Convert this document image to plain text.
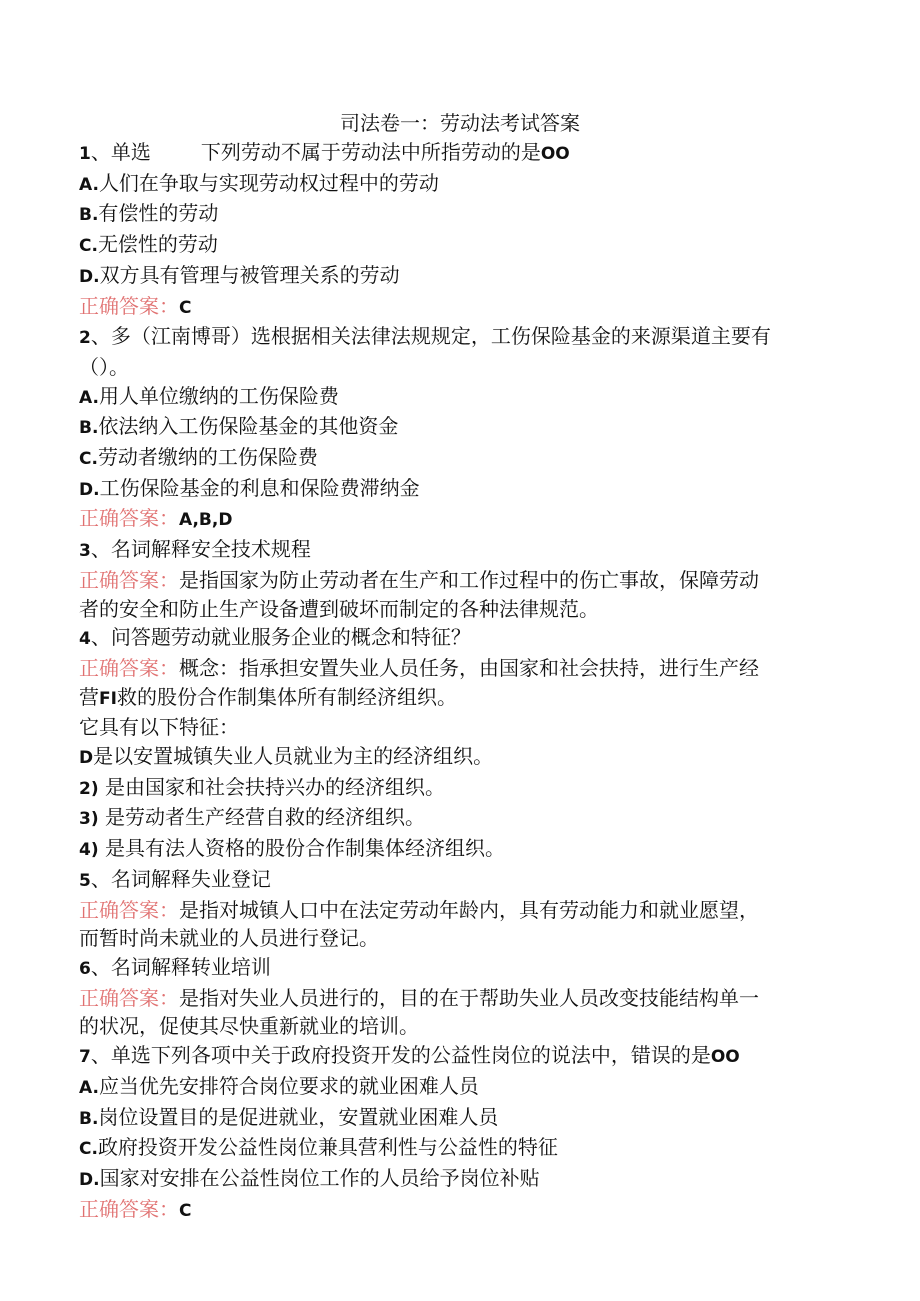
司法卷一：劳动法考试答案
1、单选	下列劳动不属于劳动法中所指劳动的是OO
A.人们在争取与实现劳动权过程中的劳动
B.有偿性的劳动
C.无偿性的劳动
D.双方具有管理与被管理关系的劳动
正确答案：C
2、多（江南博哥）选根据相关法律法规规定，工伤保险基金的来源渠道主要有
（）。
A.用人单位缴纳的工伤保险费
B.依法纳入工伤保险基金的其他资金
C.劳动者缴纳的工伤保险费
D.工伤保险基金的利息和保险费滞纳金
正确答案：A,B,D
3、名词解释安全技术规程
正确答案：是指国家为防止劳动者在生产和工作过程中的伤亡事故，保障劳动
者的安全和防止生产设备遭到破坏而制定的各种法律规范。
4、问答题劳动就业服务企业的概念和特征？
正确答案：概念：指承担安置失业人员任务，由国家和社会扶持，进行生产经
营FI救的股份合作制集体所有制经济组织。
它具有以下特征：
D是以安置城镇失业人员就业为主的经济组织。
2) 是由国家和社会扶持兴办的经济组织。
3) 是劳动者生产经营自救的经济组织。
4) 是具有法人资格的股份合作制集体经济组织。
5、名词解释失业登记
正确答案：是指对城镇人口中在法定劳动年龄内，具有劳动能力和就业愿望，
而暂时尚未就业的人员进行登记。
6、名词解释转业培训
正确答案：是指对失业人员进行的，目的在于帮助失业人员改变技能结构单一
的状况，促使其尽快重新就业的培训。
7、单选下列各项中关于政府投资开发的公益性岗位的说法中，错误的是OO
A.应当优先安排符合岗位要求的就业困难人员
B.岗位设置目的是促进就业，安置就业困难人员
C.政府投资开发公益性岗位兼具营利性与公益性的特征
D.国家对安排在公益性岗位工作的人员给予岗位补贴
正确答案：C
